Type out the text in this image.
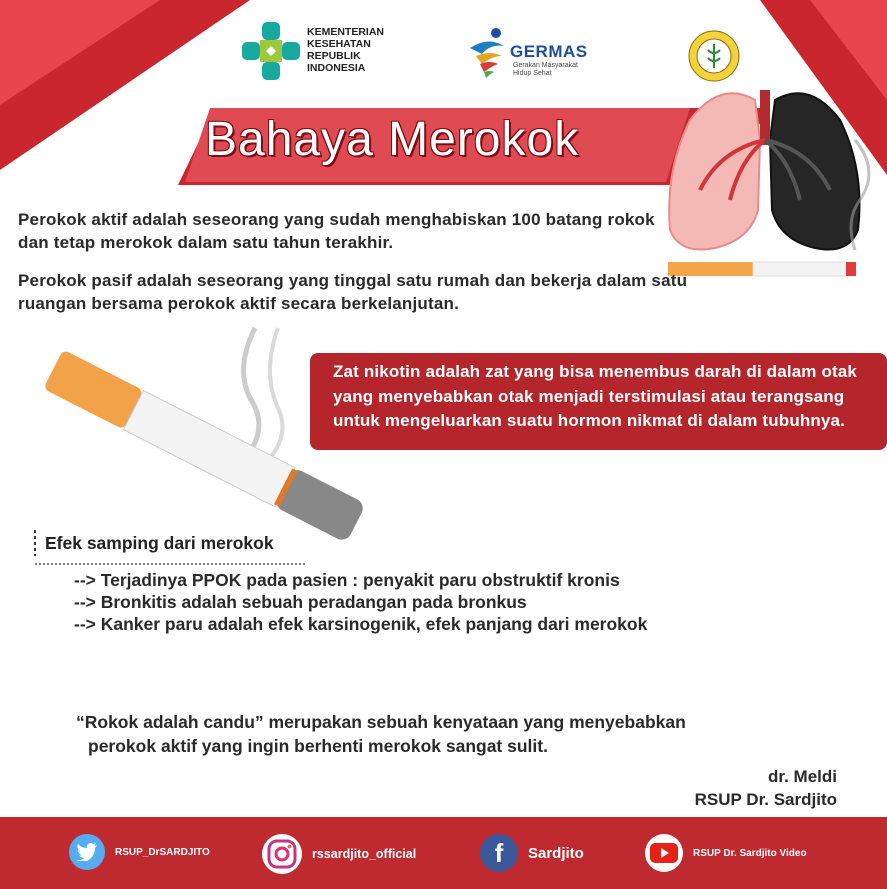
KEMENTERIAN KESEHATAN REPUBLIK INDONESIA
GERMAS
Gerakan Masyarakat Hidup Sehat
Bahaya Merokok
Perokok aktif adalah seseorang yang sudah menghabiskan 100 batang rokok dan tetap merokok dalam satu tahun terakhir.
Perokok pasif adalah seseorang yang tinggal satu rumah dan bekerja dalam satu ruangan bersama perokok aktif secara berkelanjutan.
Zat nikotin adalah zat yang bisa menembus darah di dalam otak yang menyebabkan otak menjadi terstimulasi atau terangsang untuk mengeluarkan suatu hormon nikmat di dalam tubuhnya.
Efek samping dari merokok
--> Terjadinya PPOK pada pasien : penyakit paru obstruktif kronis
--> Bronkitis adalah sebuah peradangan pada bronkus
--> Kanker paru adalah efek karsinogenik, efek panjang dari merokok
“Rokok adalah candu” merupakan sebuah kenyataan yang menyebabkan
perokok aktif yang ingin berhenti merokok sangat sulit.
dr. Meldi
RSUP Dr. Sardjito
RSUP_DrSARDJITO	rssardjito_official	f Sardjito	RSUP Dr. Sardjito Video
